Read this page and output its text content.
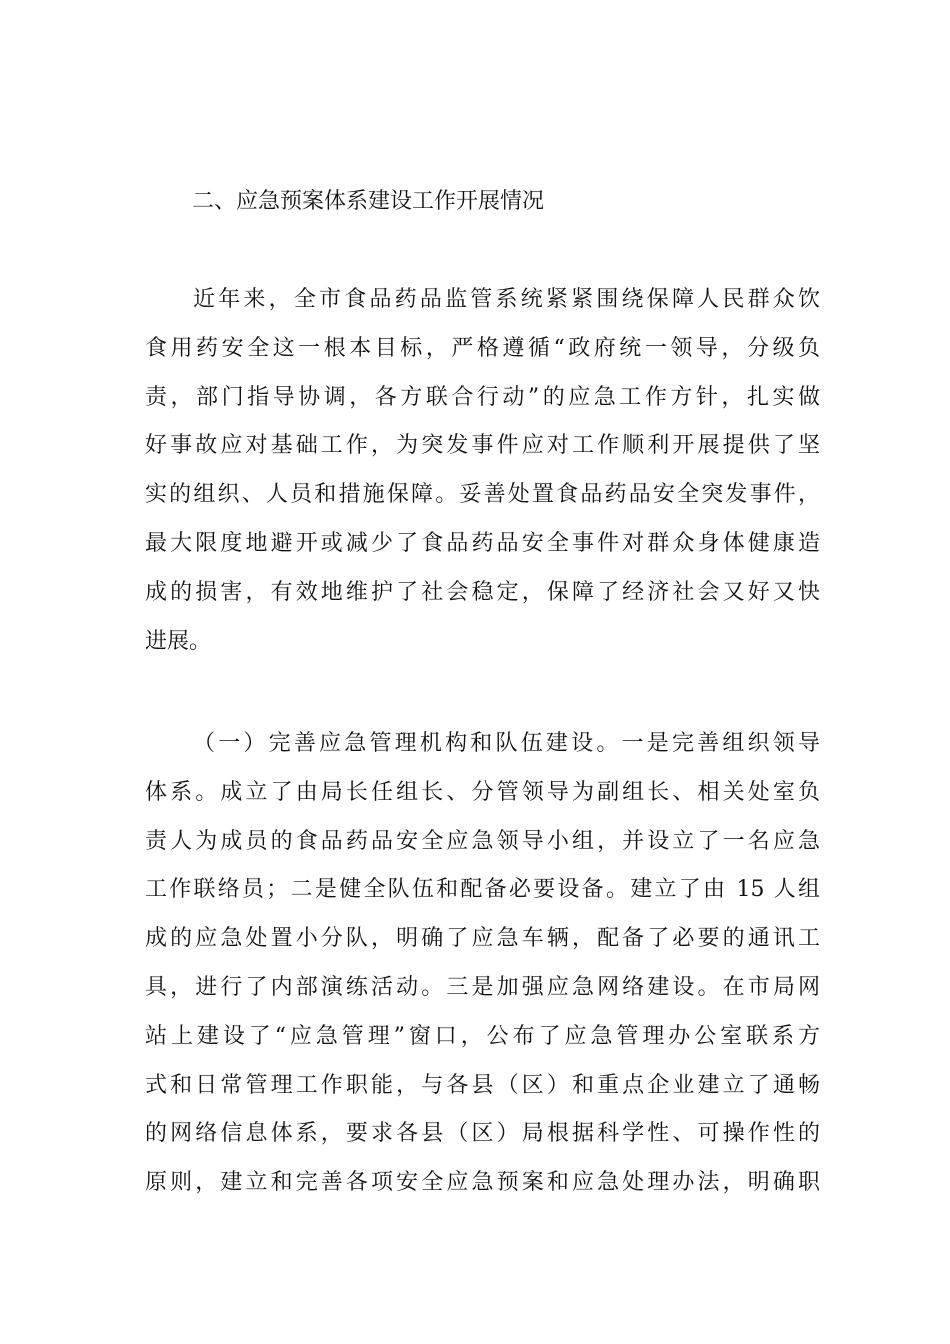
二、应急预案体系建设工作开展情况

近年来，全市食品药品监管系统紧紧围绕保障人民群众饮
食用药安全这一根本目标，严格遵循“政府统一领导，分级负
责，部门指导协调，各方联合行动”的应急工作方针，扎实做
好事故应对基础工作，为突发事件应对工作顺利开展提供了坚
实的组织、人员和措施保障。妥善处置食品药品安全突发事件，
最大限度地避开或减少了食品药品安全事件对群众身体健康造
成的损害，有效地维护了社会稳定，保障了经济社会又好又快
进展。

（一）完善应急管理机构和队伍建设。一是完善组织领导
体系。成立了由局长任组长、分管领导为副组长、相关处室负
责人为成员的食品药品安全应急领导小组，并设立了一名应急
工作联络员；二是健全队伍和配备必要设备。建立了由 15 人组
成的应急处置小分队，明确了应急车辆，配备了必要的通讯工
具，进行了内部演练活动。三是加强应急网络建设。在市局网
站上建设了“应急管理”窗口，公布了应急管理办公室联系方
式和日常管理工作职能，与各县（区）和重点企业建立了通畅
的网络信息体系，要求各县（区）局根据科学性、可操作性的
原则，建立和完善各项安全应急预案和应急处理办法，明确职
